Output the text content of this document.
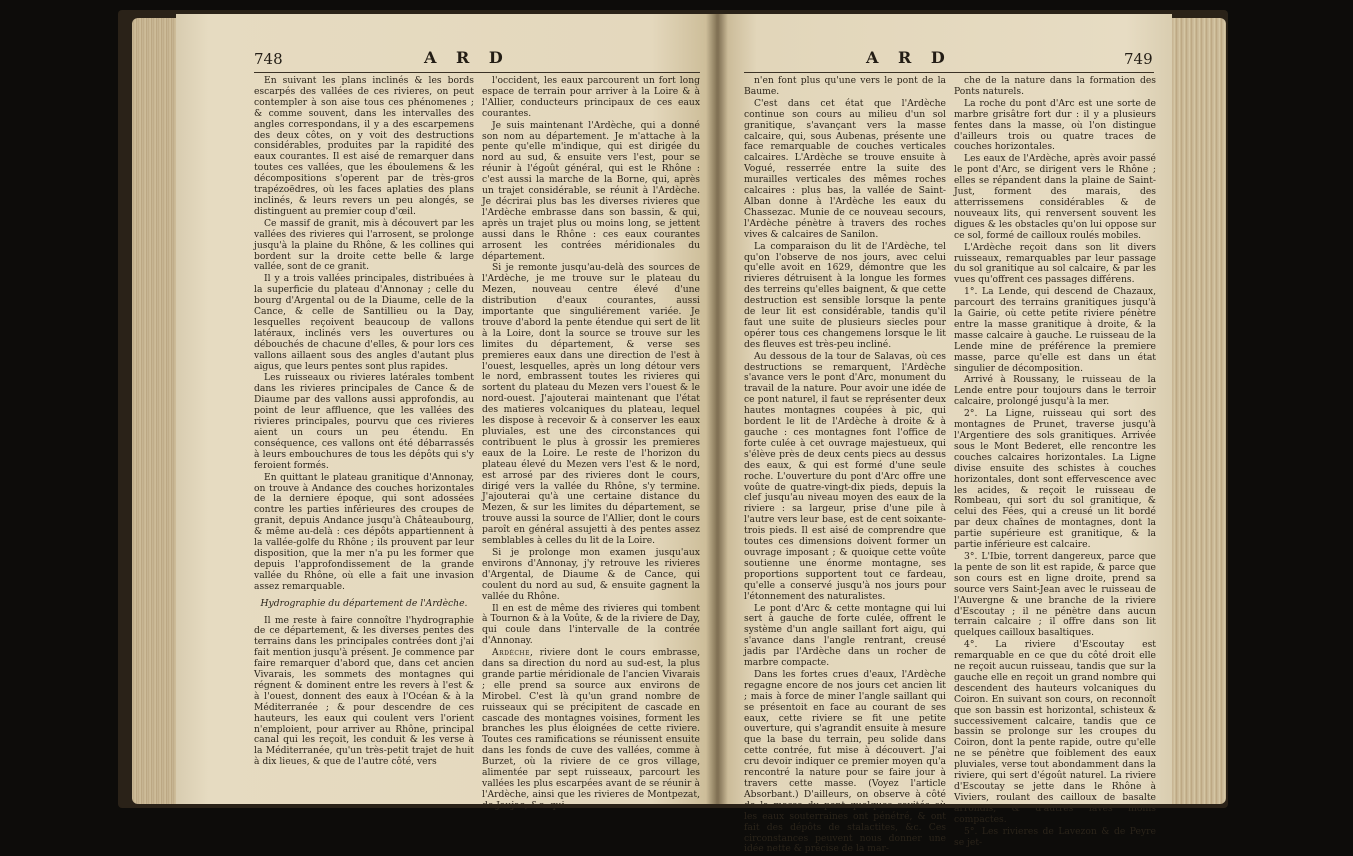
748	A R D

En suivant les plans inclinés & les bords escarpés des vallées de ces rivieres, on peut contempler à son aise tous ces phénomenes ; & comme souvent, dans les intervalles des angles correspondans, il y a des escarpemens des deux côtes, on y voit des destructions considérables, produites par la rapidité des eaux courantes. Il est aisé de remarquer dans toutes ces vallées, que les éboulemens & les décompositions s'operent par de très-gros trapézoëdres, où les faces aplaties des plans inclinés, & leurs revers un peu alongés, se distinguent au premier coup d'œil.

Ce massif de granit, mis à découvert par les vallées des rivieres qui l'arrosent, se prolonge jusqu'à la plaine du Rhône, & les collines qui bordent sur la droite cette belle & large vallée, sont de ce granit.

Il y a trois vallées principales, distribuées à la superficie du plateau d'Annonay ; celle du bourg d'Argental ou de la Diaume, celle de la Cance, & celle de Santillieu ou la Day, lesquelles reçoivent beaucoup de vallons latéraux, inclinés vers les ouvertures ou débouchés de chacune d'elles, & pour lors ces vallons aillaent sous des angles d'autant plus aigus, que leurs pentes sont plus rapides.

Les ruisseaux ou rivieres latérales tombent dans les rivieres principales de Cance & de Diaume par des vallons aussi approfondis, au point de leur affluence, que les vallées des rivieres principales, pourvu que ces rivieres aient un cours un peu étendu. En conséquence, ces vallons ont été débarrassés à leurs embouchures de tous les dépôts qui s'y feroient formés.

En quittant le plateau granitique d'Annonay, on trouve à Andance des couches horizontales de la derniere époque, qui sont adossées contre les parties inférieures des croupes de granit, depuis Andance jusqu'à Châteaubourg, & même au-delà : ces dépôts appartiennent à la vallée-golfe du Rhône ; ils prouvent par leur disposition, que la mer n'a pu les former que depuis l'approfondissement de la grande vallée du Rhône, où elle a fait une invasion assez remarquable.

Hydrographie du département de l'Ardèche.

Il me reste à faire connoître l'hydrographie de ce département, & les diverses pentes des terrains dans les principales contrées dont j'ai fait mention jusqu'à présent. Je commence par faire remarquer d'abord que, dans cet ancien Vivarais, les sommets des montagnes qui régnent & dominent entre les revers à l'est & à l'ouest, donnent des eaux à l'Océan & à la Méditerranée ; & pour descendre de ces hauteurs, les eaux qui coulent vers l'orient n'emploient, pour arriver au Rhône, principal canal qui les reçoit, les conduit & les verse à la Méditerranée, qu'un très-petit trajet de huit à dix lieues, & que de l'autre côté, vers

l'occident, les eaux parcourent un fort long espace de terrain pour arriver à la Loire & à l'Allier, conducteurs principaux de ces eaux courantes.

Je suis maintenant l'Ardèche, qui a donné son nom au département. Je m'attache à la pente qu'elle m'indique, qui est dirigée du nord au sud, & ensuite vers l'est, pour se réunir à l'égoût général, qui est le Rhône : c'est aussi la marche de la Borne, qui, après un trajet considérable, se réunit à l'Ardèche. Je décrirai plus bas les diverses rivieres que l'Ardèche embrasse dans son bassin, & qui, après un trajet plus ou moins long, se jettent aussi dans le Rhône : ces eaux courantes arrosent les contrées méridionales du département.

Si je remonte jusqu'au-delà des sources de l'Ardèche, je me trouve sur le plateau du Mezen, nouveau centre élevé d'une distribution d'eaux courantes, aussi importante que singuliérement variée. Je trouve d'abord la pente étendue qui sert de lit à la Loire, dont la source se trouve sur les limites du département, & verse ses premieres eaux dans une direction de l'est à l'ouest, lesquelles, après un long détour vers le nord, embrassent toutes les rivieres qui sortent du plateau du Mezen vers l'ouest & le nord-ouest. J'ajouterai maintenant que l'état des matieres volcaniques du plateau, lequel les dispose à recevoir & à conserver les eaux pluviales, est une des circonstances qui contribuent le plus à grossir les premieres eaux de la Loire. Le reste de l'horizon du plateau élevé du Mezen vers l'est & le nord, est arrosé par des rivieres dont le cours, dirigé vers la vallée du Rhône, s'y termine. J'ajouterai qu'à une certaine distance du Mezen, & sur les limites du département, se trouve aussi la source de l'Allier, dont le cours paroît en général assujetti à des pentes assez semblables à celles du lit de la Loire.

Si je prolonge mon examen jusqu'aux environs d'Annonay, j'y retrouve les rivieres d'Argental, de Diaume & de Cance, qui coulent du nord au sud, & ensuite gagnent la vallée du Rhône.

Il en est de même des rivieres qui tombent à Tournon & à la Voûte, & de la riviere de Day, qui coule dans l'intervalle de la contrée d'Annonay.

Ardèche, riviere dont le cours embrasse, dans sa direction du nord au sud-est, la plus grande partie méridionale de l'ancien Vivarais ; elle prend sa source aux environs de Mirobel. C'est là qu'un grand nombre de ruisseaux qui se précipitent de cascade en cascade des montagnes voisines, forment les branches les plus éloignées de cette riviere. Toutes ces ramifications se réunissent ensuite dans les fonds de cuve des vallées, comme à Burzet, où la riviere de ce gros village, alimentée par sept ruisseaux, parcourt les vallées les plus escarpées avant de se réunir à l'Ardèche, ainsi que les rivieres de Montpezat, de Jaujac, &c. qui

A R D	749

n'en font plus qu'une vers le pont de la Baume.

C'est dans cet état que l'Ardèche continue son cours au milieu d'un sol granitique, s'avançant vers la masse calcaire, qui, sous Aubenas, présente une face remarquable de couches verticales calcaires. L'Ardèche se trouve ensuite à Vogué, resserrée entre la suite des murailles verticales des mêmes roches calcaires : plus bas, la vallée de Saint-Alban donne à l'Ardèche les eaux du Chassezac. Munie de ce nouveau secours, l'Ardèche pénètre à travers des roches vives & calcaires de Sanilon.

La comparaison du lit de l'Ardèche, tel qu'on l'observe de nos jours, avec celui qu'elle avoit en 1629, démontre que les rivieres détruisent à la longue les formes des terreins qu'elles baignent, & que cette destruction est sensible lorsque la pente de leur lit est considérable, tandis qu'il faut une suite de plusieurs siecles pour opérer tous ces changemens lorsque le lit des fleuves est très-peu incliné.

Au dessous de la tour de Salavas, où ces destructions se remarquent, l'Ardèche s'avance vers le pont d'Arc, monument du travail de la nature. Pour avoir une idée de ce pont naturel, il faut se représenter deux hautes montagnes coupées à pic, qui bordent le lit de l'Ardèche à droite & à gauche : ces montagnes font l'office de forte culée à cet ouvrage majestueux, qui s'élève près de deux cents piecs au dessus des eaux, & qui est formé d'une seule roche. L'ouverture du pont d'Arc offre une voûte de quatre-vingt-dix pieds, depuis la clef jusqu'au niveau moyen des eaux de la riviere : sa largeur, prise d'une pile à l'autre vers leur base, est de cent soixante-trois pieds. Il est aisé de comprendre que toutes ces dimensions doivent former un ouvrage imposant ; & quoique cette voûte soutienne une énorme montagne, ses proportions supportent tout ce fardeau, qu'elle a conservé jusqu'à nos jours pour l'étonnement des naturalistes.

Le pont d'Arc & cette montagne qui lui sert à gauche de forte culée, offrent le système d'un angle saillant fort aigu, qui s'avance dans l'angle rentrant, creusé jadis par l'Ardèche dans un rocher de marbre compacte.

Dans les fortes crues d'eaux, l'Ardèche regagne encore de nos jours cet ancien lit ; mais à force de miner l'angle saillant qui se présentoit en face au courant de ses eaux, cette riviere se fit une petite ouverture, qui s'agrandit ensuite à mesure que la base du terrain, peu solide dans cette contrée, fut mise à découvert. J'ai cru devoir indiquer ce premier moyen qu'a rencontré la nature pour se faire jour à travers cette masse. (Voyez l'article Absorbant.) D'ailleurs, on observe à côté de la masse du pont quelques cavités où les eaux souterraines ont pénétré, & ont fait des dépôts de stalactites, &c. Ces circonstances peuvent nous donner une idée nette & précise de la mar-

che de la nature dans la formation des Ponts naturels.

La roche du pont d'Arc est une sorte de marbre grisâtre fort dur : il y a plusieurs fentes dans la masse, où l'on distingue d'ailleurs trois ou quatre traces de couches horizontales.

Les eaux de l'Ardèche, après avoir passé le pont d'Arc, se dirigent vers le Rhône ; elles se répandent dans la plaine de Saint-Just, forment des marais, des atterrissemens considérables & de nouveaux lits, qui renversent souvent les digues & les obstacles qu'on lui oppose sur ce sol, formé de cailloux roulés mobiles.

L'Ardèche reçoit dans son lit divers ruisseaux, remarquables par leur passage du sol granitique au sol calcaire, & par les vues qu'offrent ces passages différens.

1°. La Lende, qui descend de Chazaux, parcourt des terrains granitiques jusqu'à la Gairie, où cette petite riviere pénètre entre la masse granitique à droite, & la masse calcaire à gauche. Le ruisseau de la Lende mine de préférence la premiere masse, parce qu'elle est dans un état singulier de décomposition.

Arrivé à Roussany, le ruisseau de la Lende entre pour toujours dans le terroir calcaire, prolongé jusqu'à la mer.

2°. La Ligne, ruisseau qui sort des montagnes de Prunet, traverse jusqu'à l'Argentiere des sols granitiques. Arrivée sous le Mont Bederet, elle rencontre les couches calcaires horizontales. La Ligne divise ensuite des schistes à couches horizontales, dont sont effervescence avec les acides, & reçoit le ruisseau de Rombeau, qui sort du sol granitique, & celui des Fées, qui a creusé un lit bordé par deux chaînes de montagnes, dont la partie supérieure est granitique, & la partie inférieure est calcaire.

3°. L'Ibie, torrent dangereux, parce que la pente de son lit est rapide, & parce que son cours est en ligne droite, prend sa source vers Saint-Jean avec le ruisseau de l'Auvergne & une branche de la riviere d'Escoutay ; il ne pénètre dans aucun terrain calcaire ; il offre dans son lit quelques cailloux basaltiques.

4°. La riviere d'Escoutay est remarquable en ce que du côté droit elle ne reçoit aucun ruisseau, tandis que sur la gauche elle en reçoit un grand nombre qui descendent des hauteurs volcaniques du Coiron. En suivant son cours, on reconnoît que son bassin est horizontal, schisteux & successivement calcaire, tandis que ce bassin se prolonge sur les croupes du Coiron, dont la pente rapide, outre qu'elle ne se pénètre que foiblement des eaux pluviales, verse tout abondamment dans la riviere, qui sert d'égoût naturel. La riviere d'Escoutay se jette dans le Rhône à Viviers, roulant des cailloux de basalte arrondis, & d'autres laves moins compactes.

5°. Les rivieres de Lavezon & de Peyre se jet-
